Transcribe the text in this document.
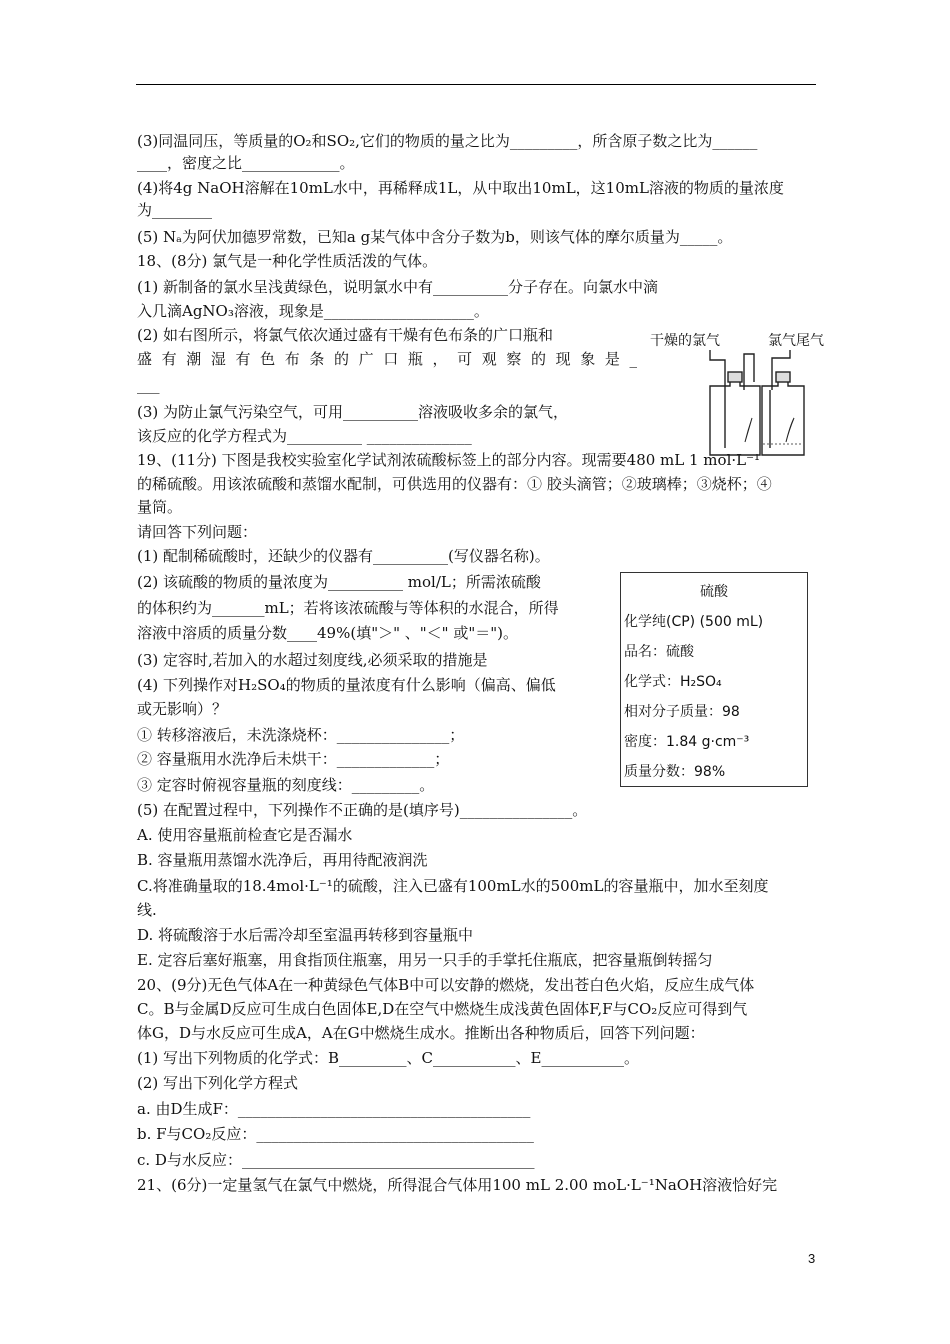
(3)同温同压，等质量的O₂和SO₂,它们的物质的量之比为_________，所含原子数之比为______
____，密度之比_____________。
(4)将4g NaOH溶解在10mL水中，再稀释成1L，从中取出10mL，这10mL溶液的物质的量浓度
为________
(5) Nₐ为阿伏加德罗常数，已知a g某气体中含分子数为b，则该气体的摩尔质量为_____。
18、(8分) 氯气是一种化学性质活泼的气体。
(1) 新制备的氯水呈浅黄绿色，说明氯水中有__________分子存在。向氯水中滴
入几滴AgNO₃溶液，现象是____________________。
(2) 如右图所示，将氯气依次通过盛有干燥有色布条的广口瓶和
___
(3) 为防止氯气污染空气，可用__________溶液吸收多余的氯气，
该反应的化学方程式为__________ ______________
19、(11分) 下图是我校实验室化学试剂浓硫酸标签上的部分内容。现需要480 mL 1 mol·L⁻¹
的稀硫酸。用该浓硫酸和蒸馏水配制，可供选用的仪器有：① 胶头滴管；②玻璃棒；③烧杯；④
量筒。
请回答下列问题：
(1) 配制稀硫酸时，还缺少的仪器有__________(写仪器名称)。
(2) 该硫酸的物质的量浓度为__________ mol/L；所需浓硫酸
的体积约为_______mL；若将该浓硫酸与等体积的水混合，所得
溶液中溶质的质量分数____49%(填"＞" 、"＜" 或"＝")。
(3) 定容时,若加入的水超过刻度线,必须采取的措施是
(4) 下列操作对H₂SO₄的物质的量浓度有什么影响（偏高、偏低
或无影响）？
① 转移溶液后，未洗涤烧杯：_______________；
② 容量瓶用水洗净后未烘干：_____________；
③ 定容时俯视容量瓶的刻度线：_________。
(5) 在配置过程中，下列操作不正确的是(填序号)_______________。
A. 使用容量瓶前检查它是否漏水
B. 容量瓶用蒸馏水洗净后，再用待配液润洗
C.将准确量取的18.4mol·L⁻¹的硫酸，注入已盛有100mL水的500mL的容量瓶中，加水至刻度
线.
D. 将硫酸溶于水后需冷却至室温再转移到容量瓶中
E. 定容后塞好瓶塞，用食指顶住瓶塞，用另一只手的手掌托住瓶底，把容量瓶倒转摇匀
20、(9分)无色气体A在一种黄绿色气体B中可以安静的燃烧，发出苍白色火焰，反应生成气体
C。B与金属D反应可生成白色固体E,D在空气中燃烧生成浅黄色固体F,F与CO₂反应可得到气
体G，D与水反应可生成A，A在G中燃烧生成水。推断出各种物质后，回答下列问题：
(1) 写出下列物质的化学式：B_________、C___________、E___________。
(2) 写出下列化学方程式
a. 由D生成F：_______________________________________
b. F与CO₂反应：_____________________________________
c. D与水反应：_______________________________________
21、(6分)一定量氢气在氯气中燃烧，所得混合气体用100 mL 2.00 moL·L⁻¹NaOH溶液恰好完
盛 有 潮 湿 有 色 布 条 的 广 口 瓶 ， 可 观 察 的 现 象 是 _
干燥的氯气	氯气尾气
硫酸
化学纯(CP) (500 mL)
品名：硫酸
化学式：H₂SO₄
相对分子质量：98
密度：1.84 g·cm⁻³
质量分数：98%
3
